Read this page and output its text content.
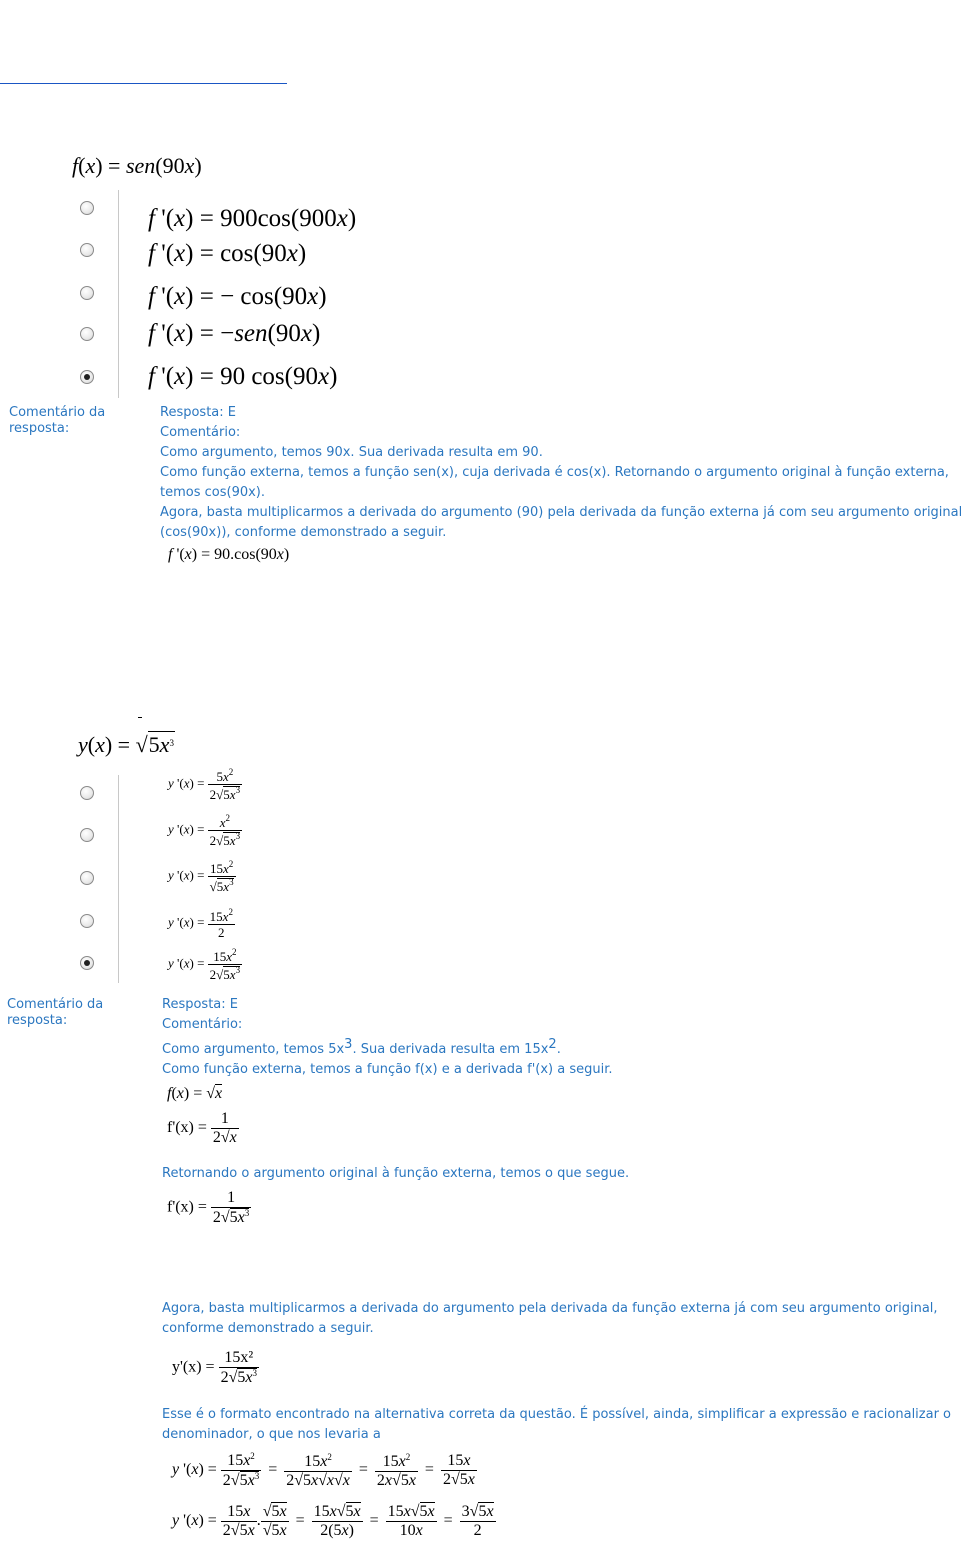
f(x) = sen(90x)
f '(x) = 900cos(900x)
f '(x) = cos(90x)
f '(x) = − cos(90x)
f '(x) = −sen(90x)
f '(x) = 90 cos(90x)
Comentário da
resposta:

Resposta: E

Comentário:

Como argumento, temos 90x. Sua derivada resulta em 90.

Como função externa, temos a função sen(x), cuja derivada é cos(x). Retornando o argumento original à função externa, temos cos(90x).

Agora, basta multiplicarmos a derivada do argumento (90) pela derivada da função externa já com seu argumento original (cos(90x)), conforme demonstrado a seguir.

f '(x) = 90.cos(90x)
$y(x) = √5x^3$
y '$(x) = \frac{5x^2}{2√5x^3}$
y '$(x) = \frac{x^2}{2√5x^3}$
y '$(x) = \frac{15x^2}{√5x^3}$
y '$(x) = \frac{15x^2}{2}$
y '$(x) = \frac{15x^2}{2√5x^3}$
Comentário da
resposta:

Resposta: E

Comentário:

Como argumento, temos $5x^3$. Sua derivada resulta em $15x^2$.

Como função externa, temos a função f(x) e a derivada f'(x) a seguir.

f(x) = √x
$f'(x) = \frac{1}{2√x}$

Retornando o argumento original à função externa, temos o que segue.

$f'(x) = \frac{1}{2√5x^3}$

Agora, basta multiplicarmos a derivada do argumento pela derivada da função externa já com seu argumento original, conforme demonstrado a seguir.

$y'(x) = \frac{\text{15x²}}{2√5x^3}$

Esse é o formato encontrado na alternativa correta da questão. É possível, ainda, simplificar a expressão e racionalizar o denominador, o que nos levaria a

y '$(x) = \frac{15x^2}{2√5x^3} = \frac{15x^2}{2√5x√x√x} = \frac{15x^2}{2x√5x} = \frac{15x}{2√5x}$
y '$(x) = \frac{15x}{2√5x}$ . $\frac{√5x}{√5x} = \frac{15x√5x}{2(5x)} = \frac{15x√5x}{10x} = \frac{3√5x}{2}$
